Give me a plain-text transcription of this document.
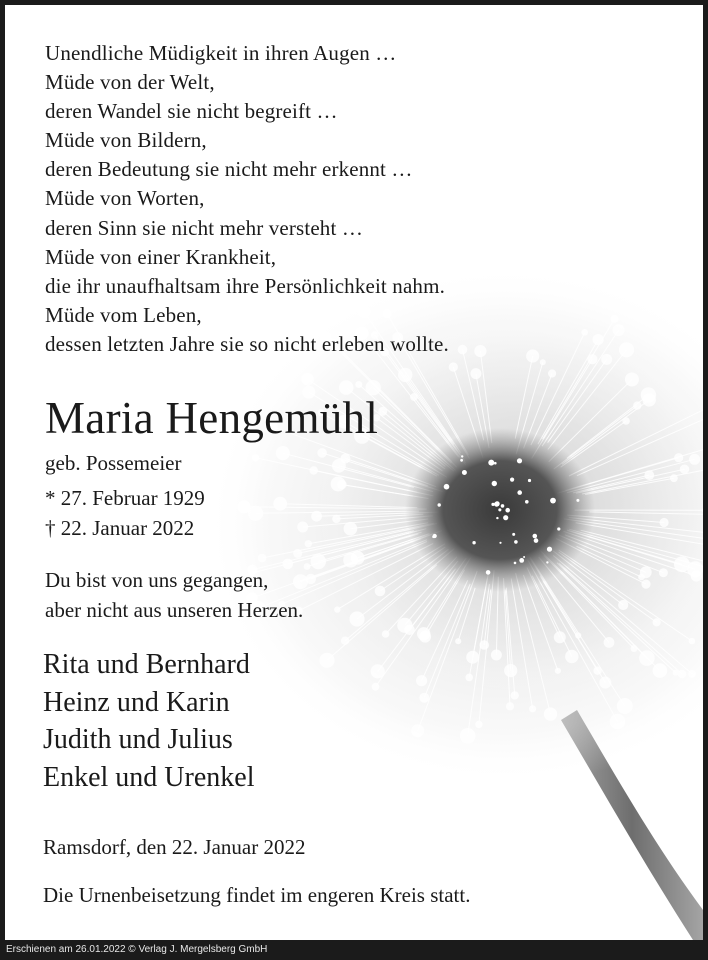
Unendliche Müdigkeit in ihren Augen …
Müde von der Welt,
deren Wandel sie nicht begreift …
Müde von Bildern,
deren Bedeutung sie nicht mehr erkennt …
Müde von Worten,
deren Sinn sie nicht mehr versteht …
Müde von einer Krankheit,
die ihr unaufhaltsam ihre Persönlichkeit nahm.
Müde vom Leben,
dessen letzten Jahre sie so nicht erleben wollte.
Maria Hengemühl
geb. Possemeier
* 27. Februar 1929
† 22. Januar 2022
Du bist von uns gegangen,
aber nicht aus unseren Herzen.
Rita und Bernhard
Heinz und Karin
Judith und Julius
Enkel und Urenkel
Ramsdorf, den 22. Januar 2022
Die Urnenbeisetzung findet im engeren Kreis statt.
Erschienen am 26.01.2022 © Verlag J. Mergelsberg GmbH
